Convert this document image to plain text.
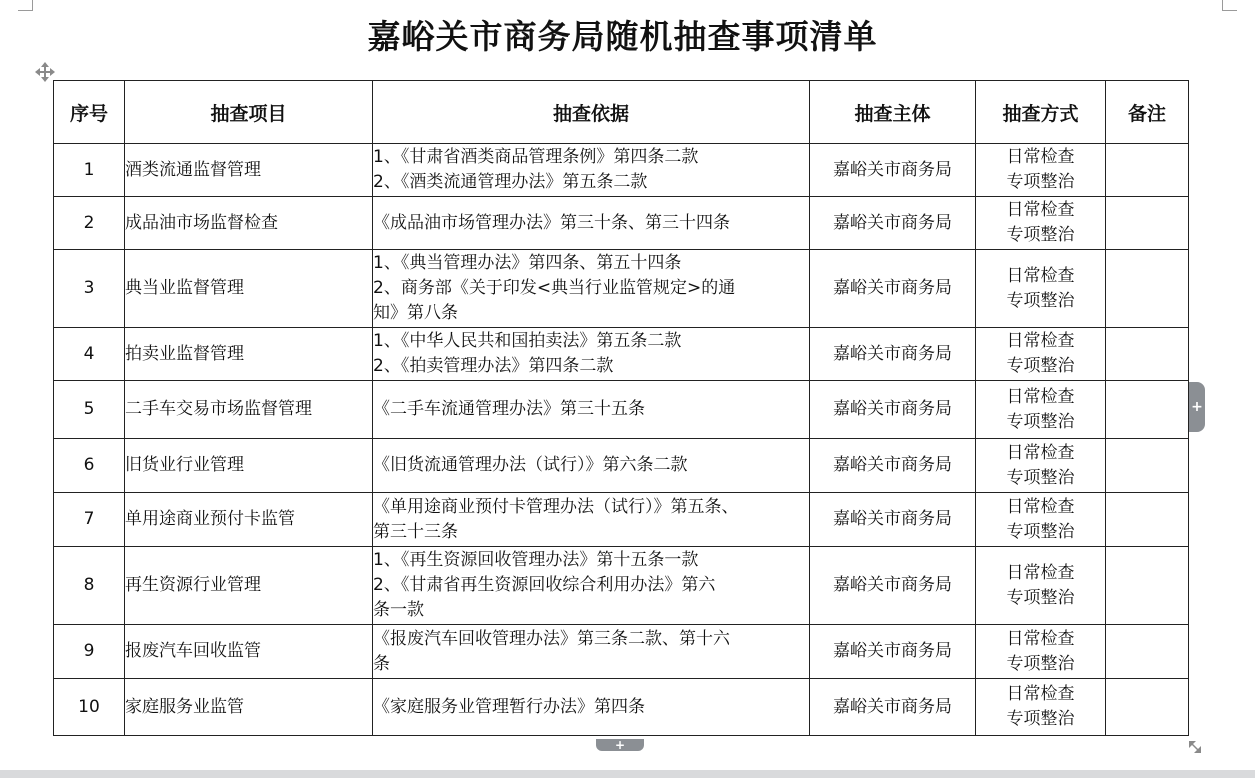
嘉峪关市商务局随机抽查事项清单
序号	抽查项目	抽查依据	抽查主体	抽查方式	备注
1	酒类流通监督管理	1、《甘肃省酒类商品管理条例》第四条二款
2、《酒类流通管理办法》第五条二款	嘉峪关市商务局	日常检查
专项整治	

2	成品油市场监督检查	《成品油市场管理办法》第三十条、第三十四条	嘉峪关市商务局	日常检查
专项整治	

3	典当业监督管理	1、《典当管理办法》第四条、第五十四条
2、商务部《关于印发<典当行业监管规定>的通
知》第八条	嘉峪关市商务局	日常检查
专项整治	

4	拍卖业监督管理	1、《中华人民共和国拍卖法》第五条二款
2、《拍卖管理办法》第四条二款	嘉峪关市商务局	日常检查
专项整治	

5	二手车交易市场监督管理	《二手车流通管理办法》第三十五条	嘉峪关市商务局	日常检查
专项整治	

6	旧货业行业管理	《旧货流通管理办法（试行）》第六条二款	嘉峪关市商务局	日常检查
专项整治	

7	单用途商业预付卡监管	《单用途商业预付卡管理办法（试行）》第五条、
第三十三条	嘉峪关市商务局	日常检查
专项整治	

8	再生资源行业管理	1、《再生资源回收管理办法》第十五条一款
2、《甘肃省再生资源回收综合利用办法》第六
条一款	嘉峪关市商务局	日常检查
专项整治	

9	报废汽车回收监管	《报废汽车回收管理办法》第三条二款、第十六
条	嘉峪关市商务局	日常检查
专项整治	

10	家庭服务业监管	《家庭服务业管理暂行办法》第四条	嘉峪关市商务局	日常检查
专项整治	

+
+
